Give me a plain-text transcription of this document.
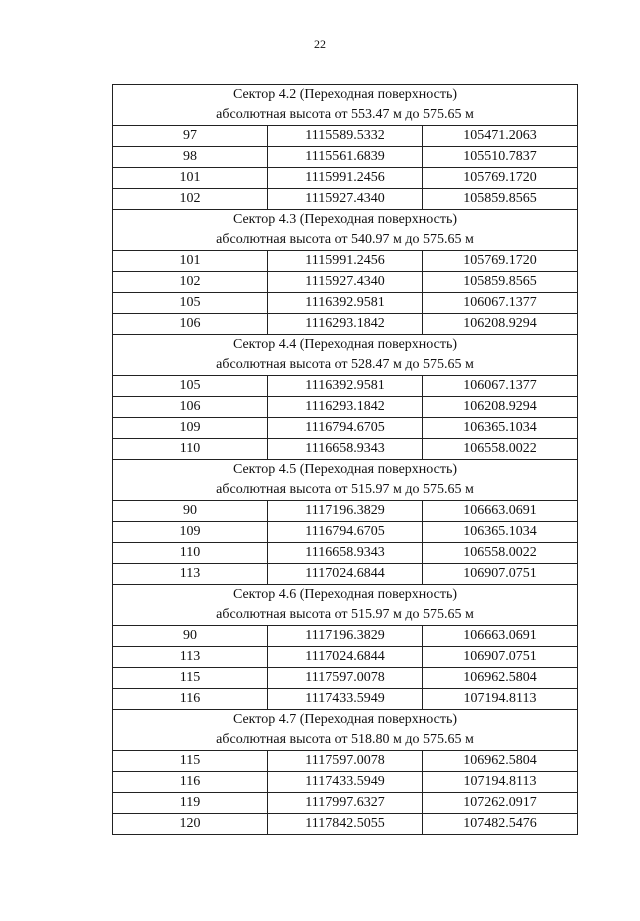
22
Сектор 4.2 (Переходная поверхность)
абсолютная высота от 553.47 м до 575.65 м		

97	1115589.5332	105471.2063
98	1115561.6839	105510.7837
101	1115991.2456	105769.1720
102	1115927.4340	105859.8565

Сектор 4.3 (Переходная поверхность)
абсолютная высота от 540.97 м до 575.65 м		

101	1115991.2456	105769.1720
102	1115927.4340	105859.8565
105	1116392.9581	106067.1377
106	1116293.1842	106208.9294

Сектор 4.4 (Переходная поверхность)
абсолютная высота от 528.47 м до 575.65 м		

105	1116392.9581	106067.1377
106	1116293.1842	106208.9294
109	1116794.6705	106365.1034
110	1116658.9343	106558.0022

Сектор 4.5 (Переходная поверхность)
абсолютная высота от 515.97 м до 575.65 м		

90	1117196.3829	106663.0691
109	1116794.6705	106365.1034
110	1116658.9343	106558.0022
113	1117024.6844	106907.0751

Сектор 4.6 (Переходная поверхность)
абсолютная высота от 515.97 м до 575.65 м		

90	1117196.3829	106663.0691
113	1117024.6844	106907.0751
115	1117597.0078	106962.5804
116	1117433.5949	107194.8113

Сектор 4.7 (Переходная поверхность)
абсолютная высота от 518.80 м до 575.65 м		

115	1117597.0078	106962.5804
116	1117433.5949	107194.8113
119	1117997.6327	107262.0917
120	1117842.5055	107482.5476
